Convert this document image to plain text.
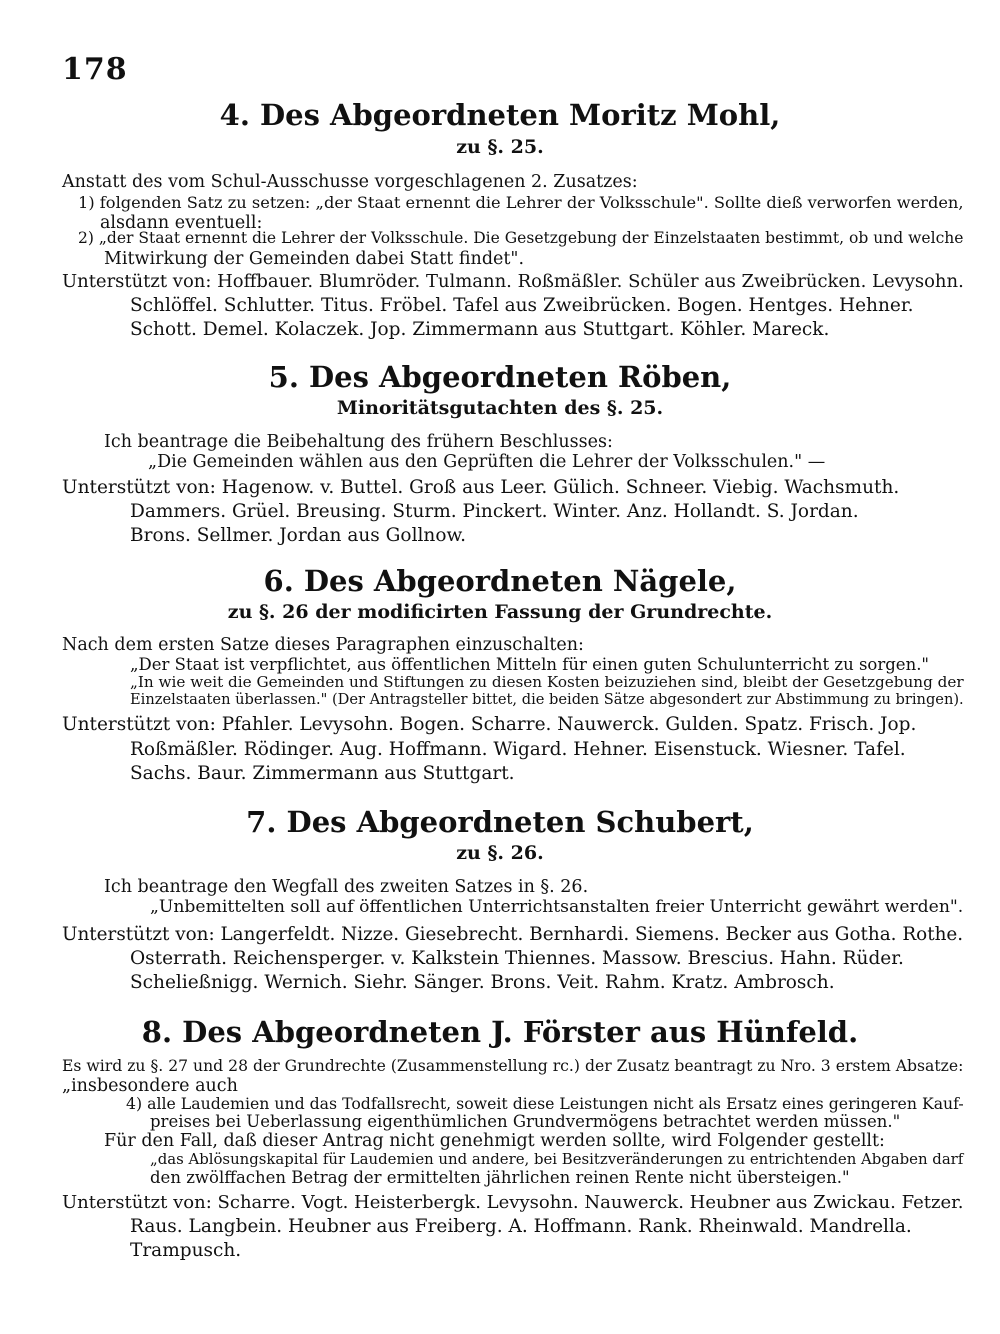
178
4. Des Abgeordneten Moritz Mohl,
zu §. 25.
Anstatt des vom Schul-Ausschusse vorgeschlagenen 2. Zusatzes:
1) folgenden Satz zu setzen: „der Staat ernennt die Lehrer der Volksschule". Sollte dieß verworfen werden,
alsdann eventuell:
2) „der Staat ernennt die Lehrer der Volksschule. Die Gesetzgebung der Einzelstaaten bestimmt, ob und welche
Mitwirkung der Gemeinden dabei Statt findet".
Unterstützt von: Hoffbauer. Blumröder. Tulmann. Roßmäßler. Schüler aus Zweibrücken. Levysohn.
Schlöffel. Schlutter. Titus. Fröbel. Tafel aus Zweibrücken. Bogen. Hentges. Hehner.
Schott. Demel. Kolaczek. Jop. Zimmermann aus Stuttgart. Köhler. Mareck.
5. Des Abgeordneten Röben,
Minoritätsgutachten des §. 25.
Ich beantrage die Beibehaltung des frühern Beschlusses:
„Die Gemeinden wählen aus den Geprüften die Lehrer der Volksschulen." —
Unterstützt von: Hagenow. v. Buttel. Groß aus Leer. Gülich. Schneer. Viebig. Wachsmuth.
Dammers. Grüel. Breusing. Sturm. Pinckert. Winter. Anz. Hollandt. S. Jordan.
Brons. Sellmer. Jordan aus Gollnow.
6. Des Abgeordneten Nägele,
zu §. 26 der modificirten Fassung der Grundrechte.
Nach dem ersten Satze dieses Paragraphen einzuschalten:
„Der Staat ist verpflichtet, aus öffentlichen Mitteln für einen guten Schulunterricht zu sorgen."
„In wie weit die Gemeinden und Stiftungen zu diesen Kosten beizuziehen sind, bleibt der Gesetzgebung der
Einzelstaaten überlassen." (Der Antragsteller bittet, die beiden Sätze abgesondert zur Abstimmung zu bringen).
Unterstützt von: Pfahler. Levysohn. Bogen. Scharre. Nauwerck. Gulden. Spatz. Frisch. Jop.
Roßmäßler. Rödinger. Aug. Hoffmann. Wigard. Hehner. Eisenstuck. Wiesner. Tafel.
Sachs. Baur. Zimmermann aus Stuttgart.
7. Des Abgeordneten Schubert,
zu §. 26.
Ich beantrage den Wegfall des zweiten Satzes in §. 26.
„Unbemittelten soll auf öffentlichen Unterrichtsanstalten freier Unterricht gewährt werden".
Unterstützt von: Langerfeldt. Nizze. Giesebrecht. Bernhardi. Siemens. Becker aus Gotha. Rothe.
Osterrath. Reichensperger. v. Kalkstein Thiennes. Massow. Brescius. Hahn. Rüder.
Scheließnigg. Wernich. Siehr. Sänger. Brons. Veit. Rahm. Kratz. Ambrosch.
8. Des Abgeordneten J. Förster aus Hünfeld.
Es wird zu §. 27 und 28 der Grundrechte (Zusammenstellung rc.) der Zusatz beantragt zu Nro. 3 erstem Absatze:
„insbesondere auch
4) alle Laudemien und das Todfallsrecht, soweit diese Leistungen nicht als Ersatz eines geringeren Kauf-
preises bei Ueberlassung eigenthümlichen Grundvermögens betrachtet werden müssen."
Für den Fall, daß dieser Antrag nicht genehmigt werden sollte, wird Folgender gestellt:
„das Ablösungskapital für Laudemien und andere, bei Besitzveränderungen zu entrichtenden Abgaben darf
den zwölffachen Betrag der ermittelten jährlichen reinen Rente nicht übersteigen."
Unterstützt von: Scharre. Vogt. Heisterbergk. Levysohn. Nauwerck. Heubner aus Zwickau. Fetzer.
Raus. Langbein. Heubner aus Freiberg. A. Hoffmann. Rank. Rheinwald. Mandrella.
Trampusch.
